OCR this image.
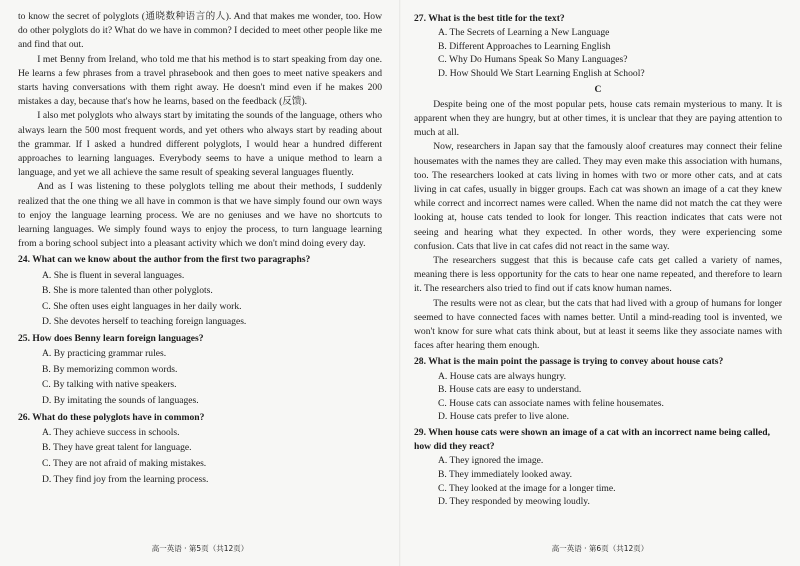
to know the secret of polyglots (通晓数种语言的人). And that makes me wonder, too. How do other polyglots do it? What do we have in common? I decided to meet other people like me and find that out.

I met Benny from Ireland, who told me that his method is to start speaking from day one. He learns a few phrases from a travel phrasebook and then goes to meet native speakers and starts having conversations with them right away. He doesn't mind even if he makes 200 mistakes a day, because that's how he learns, based on the feedback (反馈).

I also met polyglots who always start by imitating the sounds of the language, others who always learn the 500 most frequent words, and yet others who always start by reading about the grammar. If I asked a hundred different polyglots, I would hear a hundred different approaches to learning languages. Everybody seems to have a unique method to learn a language, and yet we all achieve the same result of speaking several languages fluently.

And as I was listening to these polyglots telling me about their methods, I suddenly realized that the one thing we all have in common is that we have simply found our own ways to enjoy the language learning process. We are no geniuses and we have no shortcuts to learning languages. We simply found ways to enjoy the process, to turn language learning from a boring school subject into a pleasant activity which we don't mind doing every day.

24. What can we know about the author from the first two paragraphs?
A. She is fluent in several languages.
B. She is more talented than other polyglots.
C. She often uses eight languages in her daily work.
D. She devotes herself to teaching foreign languages.
25. How does Benny learn foreign languages?
A. By practicing grammar rules.
B. By memorizing common words.
C. By talking with native speakers.
D. By imitating the sounds of languages.
26. What do these polyglots have in common?
A. They achieve success in schools.
B. They have great talent for language.
C. They are not afraid of making mistakes.
D. They find joy from the learning process.
高一英语 · 第5页（共12页）
27. What is the best title for the text?
A. The Secrets of Learning a New Language
B. Different Approaches to Learning English
C. Why Do Humans Speak So Many Languages?
D. How Should We Start Learning English at School?
C

Despite being one of the most popular pets, house cats remain mysterious to many. It is apparent when they are hungry, but at other times, it is unclear that they are paying attention to much at all.

Now, researchers in Japan say that the famously aloof creatures may connect their feline housemates with the names they are called. They may even make this association with humans, too. The researchers looked at cats living in homes with two or more other cats, and at cats living in cat cafes, usually in bigger groups. Each cat was shown an image of a cat they knew while correct and incorrect names were called. When the name did not match the cat they were looking at, house cats tended to look for longer. This reaction indicates that cats were not seeing and hearing what they expected. In other words, they were experiencing some confusion. Cats that live in cat cafes did not react in the same way.

The researchers suggest that this is because cafe cats get called a variety of names, meaning there is less opportunity for the cats to hear one name repeated, and therefore to learn it. The researchers also tried to find out if cats know human names.

The results were not as clear, but the cats that had lived with a group of humans for longer seemed to have connected faces with names better. Until a mind-reading tool is invented, we won't know for sure what cats think about, but at least it seems like they associate names with faces after hearing them enough.

28. What is the main point the passage is trying to convey about house cats?
A. House cats are always hungry.
B. House cats are easy to understand.
C. House cats can associate names with feline housemates.
D. House cats prefer to live alone.
29. When house cats were shown an image of a cat with an incorrect name being called, how did they react?
A. They ignored the image.
B. They immediately looked away.
C. They looked at the image for a longer time.
D. They responded by meowing loudly.
高一英语 · 第6页（共12页）
